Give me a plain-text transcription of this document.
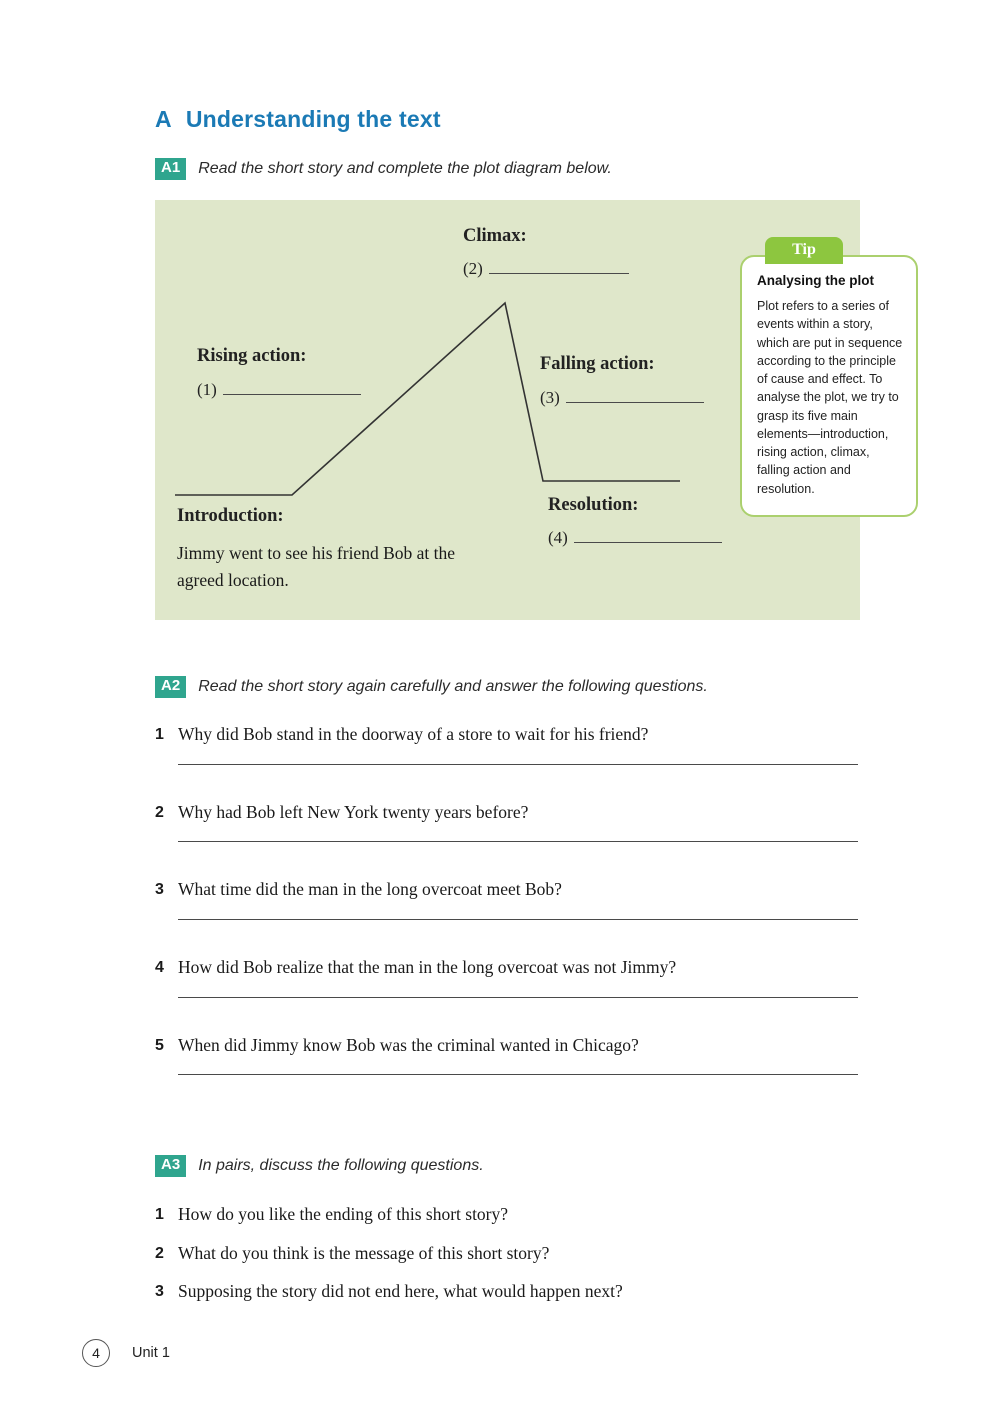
A Understanding the text
A1	Read the short story and complete the plot diagram below.
Climax:
(2)
Rising action:
(1)
Falling action:
(3)
Introduction:
Jimmy went to see his friend Bob at the agreed location.
Resolution:
(4)
Tip
Analysing the plot
Plot refers to a series of events within a story, which are put in sequence according to the principle of cause and effect. To analyse the plot, we try to grasp its five main elements—introduction, rising action, climax, falling action and resolution.
A2	Read the short story again carefully and answer the following questions.
1 Why did Bob stand in the doorway of a store to wait for his friend?
2 Why had Bob left New York twenty years before?
3 What time did the man in the long overcoat meet Bob?
4 How did Bob realize that the man in the long overcoat was not Jimmy?
5 When did Jimmy know Bob was the criminal wanted in Chicago?
A3	In pairs, discuss the following questions.
1 How do you like the ending of this short story?
2 What do you think is the message of this short story?
3 Supposing the story did not end here, what would happen next?
4	Unit 1
